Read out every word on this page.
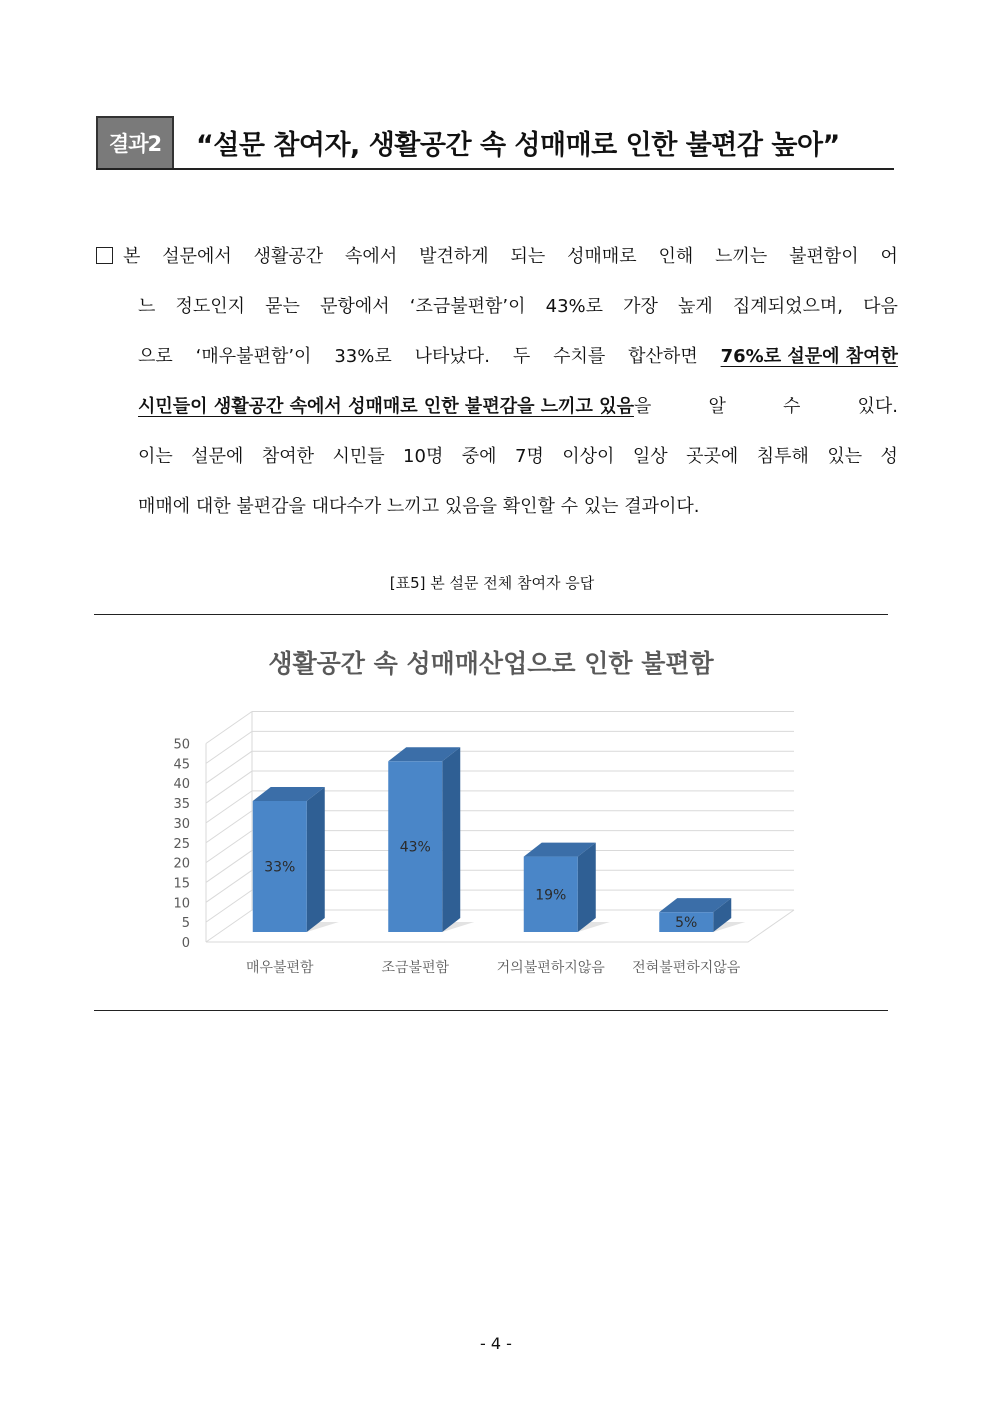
결과2	“설문 참여자, 생활공간 속 성매매로 인한 불편감 높아”
본 설문에서 생활공간 속에서 발견하게 되는 성매매로 인해 느끼는 불편함이 어
느 정도인지 묻는 문항에서 ‘조금불편함’이 43%로 가장 높게 집계되었으며, 다음
으로 ‘매우불편함’이 33%로 나타났다. 두 수치를 합산하면 76%로 설문에 참여한
시민들이 생활공간 속에서 성매매로 인한 불편감을 느끼고 있음을	알	수	있다.
이는 설문에 참여한 시민들 10명 중에 7명 이상이 일상 곳곳에 침투해 있는 성
매매에 대한 불편감을 대다수가 느끼고 있음을 확인할 수 있는 결과이다.
[표5] 본 설문 전체 참여자 응답
생활공간 속 성매매산업으로 인한 불편함
0
5
10
15
20
25
30
35
40
45
50
33%
매우불편함
43%
조금불편함
19%
거의불편하지않음
5%
전혀불편하지않음
- 4 -
